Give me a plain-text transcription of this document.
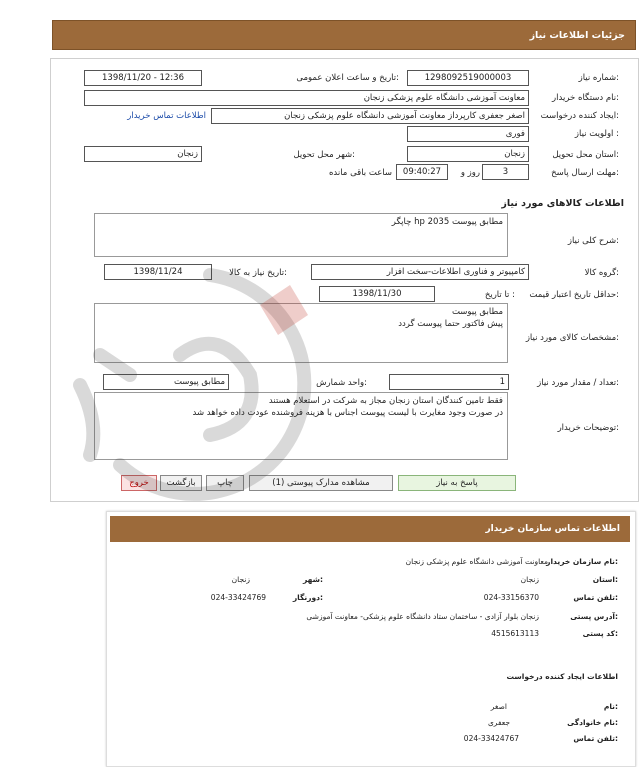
جزئیات اطلاعات نیاز
شماره نیاز:
1298092519000003
تاریخ و ساعت اعلان عمومی:
1398/11/20 - 12:36
نام دستگاه خریدار:
معاونت آموزشی دانشگاه علوم پزشکی زنجان
ایجاد کننده درخواست:
اصغر جعفری کارپرداز معاونت آموزشی دانشگاه علوم پزشکی زنجان
اطلاعات تماس خریدار
اولویت نیاز :
فوری
استان محل تحویل:
زنجان
شهر محل تحویل:
زنجان
مهلت ارسال پاسخ:
3
روز و
09:40:27
ساعت باقی مانده
اطلاعات کالاهای مورد نیاز
شرح کلی نیاز:
چاپگر hp 2035 مطابق پیوست
گروه کالا:
کامپیوتر و فناوری اطلاعات-سخت افزار
تاریخ نیاز به کالا:
1398/11/24
حداقل تاریخ اعتبار قیمت:
تا تاریخ :
1398/11/30
مشخصات کالای مورد نیاز:
مطابق پیوست
پیش فاکتور حتما پیوست گردد
تعداد / مقدار مورد نیاز:
1
واحد شمارش:
مطابق پیوست
توضیحات خریدار:
فقط تامین کنندگان استان زنجان مجاز به شرکت در استعلام هستند
در صورت وجود مغایرت با لیست پیوست اجناس با هزینه فروشنده عودت داده خواهد شد
پاسخ به نیاز
مشاهده مدارک پیوستی (1)
چاپ
بازگشت
خروج
اطلاعات تماس سازمان خریدار
نام سازمان خریدار:
معاونت آموزشی دانشگاه علوم پزشکی زنجان
استان:
زنجان
شهر:
زنجان
تلفن تماس:
024-33156370
دورنگار:
024-33424769
آدرس پستی:
زنجان بلوار آزادی - ساختمان ستاد دانشگاه علوم پزشکی- معاونت آموزشی
کد پستی:
4515613113
اطلاعات ایجاد کننده درخواست
نام:
اصغر
نام خانوادگی:
جعفری
تلفن تماس:
024-33424767
